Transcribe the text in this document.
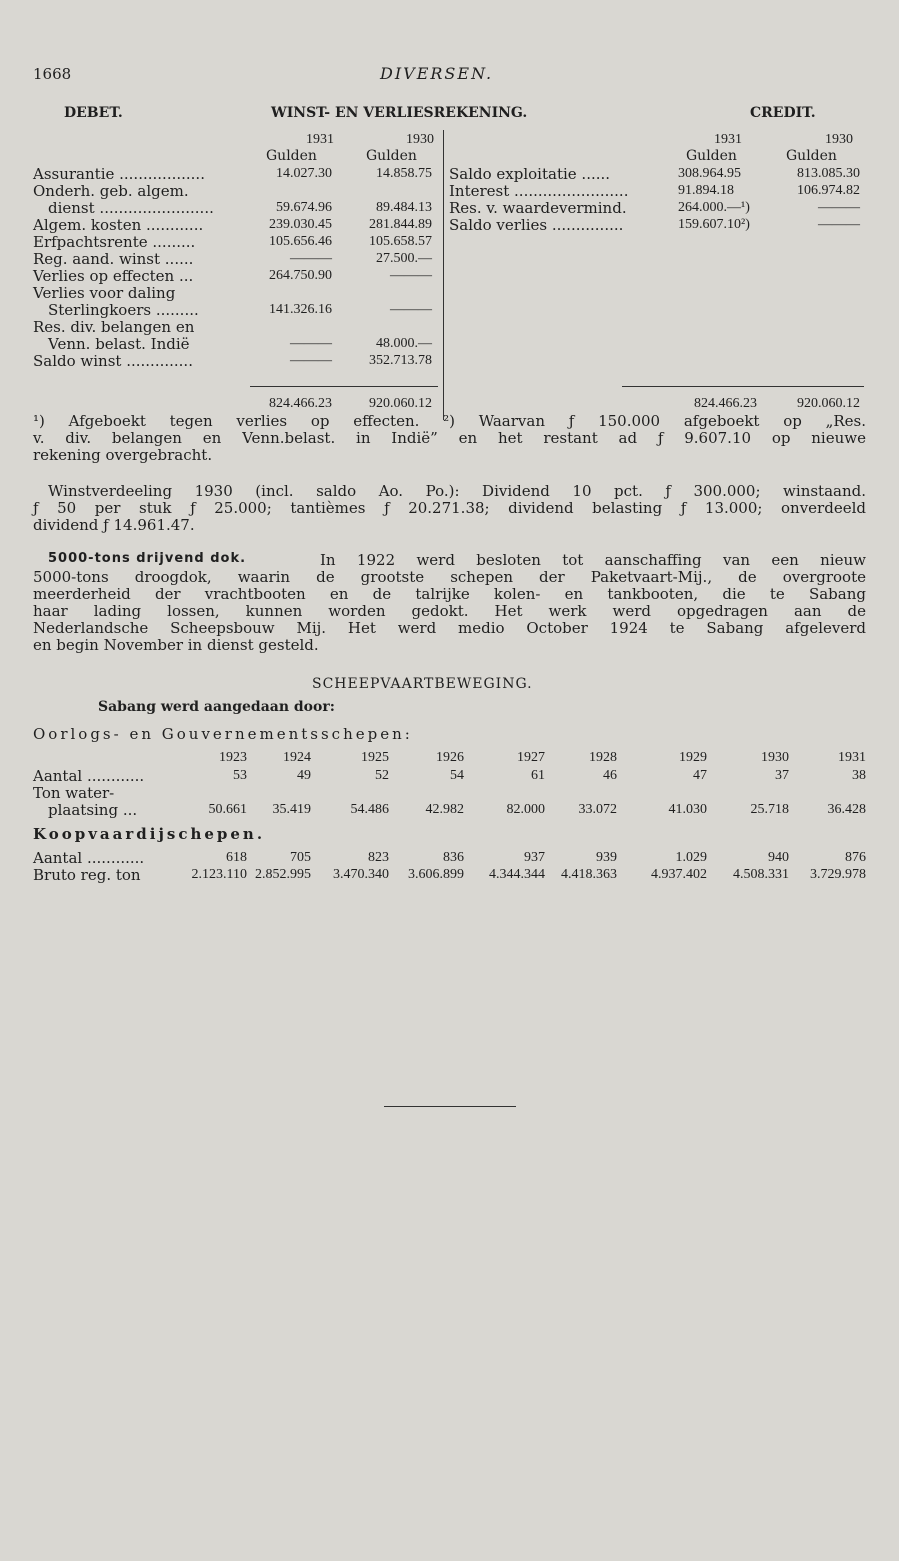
1668	DIVERSEN.
DEBET.	WINST- EN VERLIESREKENING.	CREDIT.
1931	1930
Gulden	Gulden
1931	1930
Gulden	Gulden
Assurantie ..................	14.027.30	14.858.75
Onderh. geb. algem.
dienst ........................	59.674.96	89.484.13
Algem. kosten ............	239.030.45	281.844.89
Erfpachtsrente .........	105.656.46	105.658.57
Reg. aand. winst ......	———	27.500.—
Verlies op effecten ...	264.750.90	———
Verlies voor daling
Sterlingkoers .........	141.326.16	———
Res. div. belangen en
Venn. belast. Indië	———	48.000.—
Saldo winst ..............	———	352.713.78
Saldo exploitatie ......	308.964.95	813.085.30
Interest ........................	91.894.18	106.974.82
Res. v. waardevermind.	264.000.—¹)	———
Saldo verlies ...............	159.607.10²)	———
824.466.23	920.060.12	824.466.23	920.060.12
¹) Afgeboekt tegen verlies op effecten. ²) Waarvan ƒ 150.000 afgeboekt op „Res.
v. div. belangen en Venn.belast. in Indië” en het restant ad ƒ 9.607.10 op nieuwe
rekening overgebracht.
Winstverdeeling 1930 (incl. saldo Ao. Po.): Dividend 10 pct. ƒ 300.000; winstaand.
ƒ 50 per stuk ƒ 25.000; tantièmes ƒ 20.271.38; dividend belasting ƒ 13.000; onverdeeld
dividend ƒ 14.961.47.
5000-tons drijvend dok.	In 1922 werd besloten tot aanschaffing van een nieuw
5000-tons droogdok, waarin de grootste schepen der Paketvaart-Mij., de overgroote
meerderheid der vrachtbooten en de talrijke kolen- en tankbooten, die te Sabang
haar lading lossen, kunnen worden gedokt. Het werk werd opgedragen aan de
Nederlandsche Scheepsbouw Mij. Het werd medio October 1924 te Sabang afgeleverd
en begin November in dienst gesteld.
SCHEEPVAARTBEWEGING.
Sabang werd aangedaan door:
Oorlogs- en Gouvernementsschepen:
1923	1924	1925	1926	1927	1928	1929	1930	1931
Aantal ............	53	49	52	54	61	46	47	37	38
Ton water-
plaatsing ...	50.661	35.419	54.486	42.982	82.000	33.072	41.030	25.718	36.428
Koopvaardijschepen.
Aantal ............	618	705	823	836	937	939	1.029	940	876
Bruto reg. ton	2.123.110 2.852.995	3.470.340	3.606.899	4.344.344	4.418.363	4.937.402	4.508.331	3.729.978
